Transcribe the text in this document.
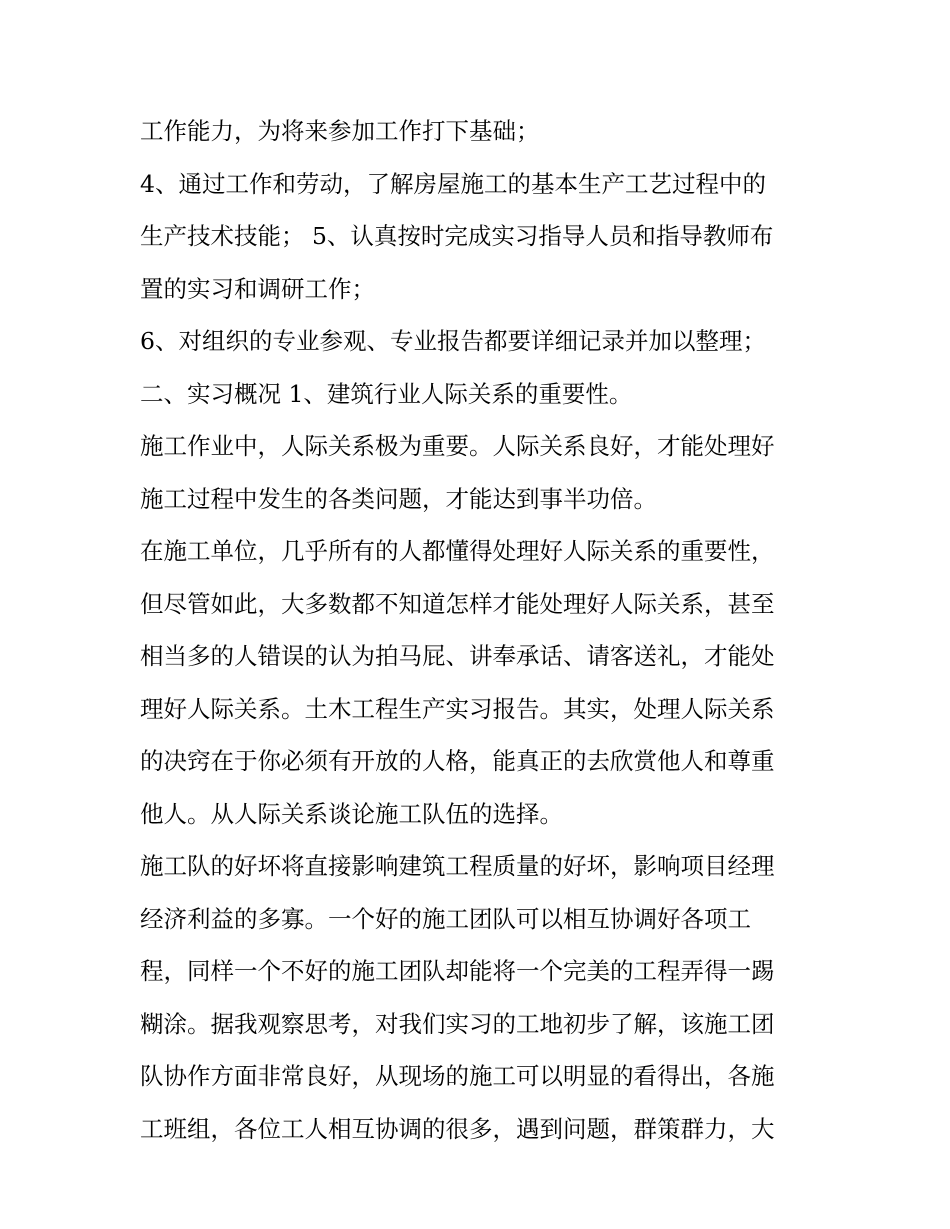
工作能力，为将来参加工作打下基础；
4、通过工作和劳动，了解房屋施工的基本生产工艺过程中的
生产技术技能； 5、认真按时完成实习指导人员和指导教师布
置的实习和调研工作；
6、对组织的专业参观、专业报告都要详细记录并加以整理；
二、实习概况 1、建筑行业人际关系的重要性。
施工作业中，人际关系极为重要。人际关系良好，才能处理好
施工过程中发生的各类问题，才能达到事半功倍。
在施工单位，几乎所有的人都懂得处理好人际关系的重要性，
但尽管如此，大多数都不知道怎样才能处理好人际关系，甚至
相当多的人错误的认为拍马屁、讲奉承话、请客送礼，才能处
理好人际关系。土木工程生产实习报告。其实，处理人际关系
的决窍在于你必须有开放的人格，能真正的去欣赏他人和尊重
他人。从人际关系谈论施工队伍的选择。
施工队的好坏将直接影响建筑工程质量的好坏，影响项目经理
经济利益的多寡。一个好的施工团队可以相互协调好各项工
程，同样一个不好的施工团队却能将一个完美的工程弄得一踢
糊涂。据我观察思考，对我们实习的工地初步了解，该施工团
队协作方面非常良好，从现场的施工可以明显的看得出，各施
工班组，各位工人相互协调的很多，遇到问题，群策群力，大
